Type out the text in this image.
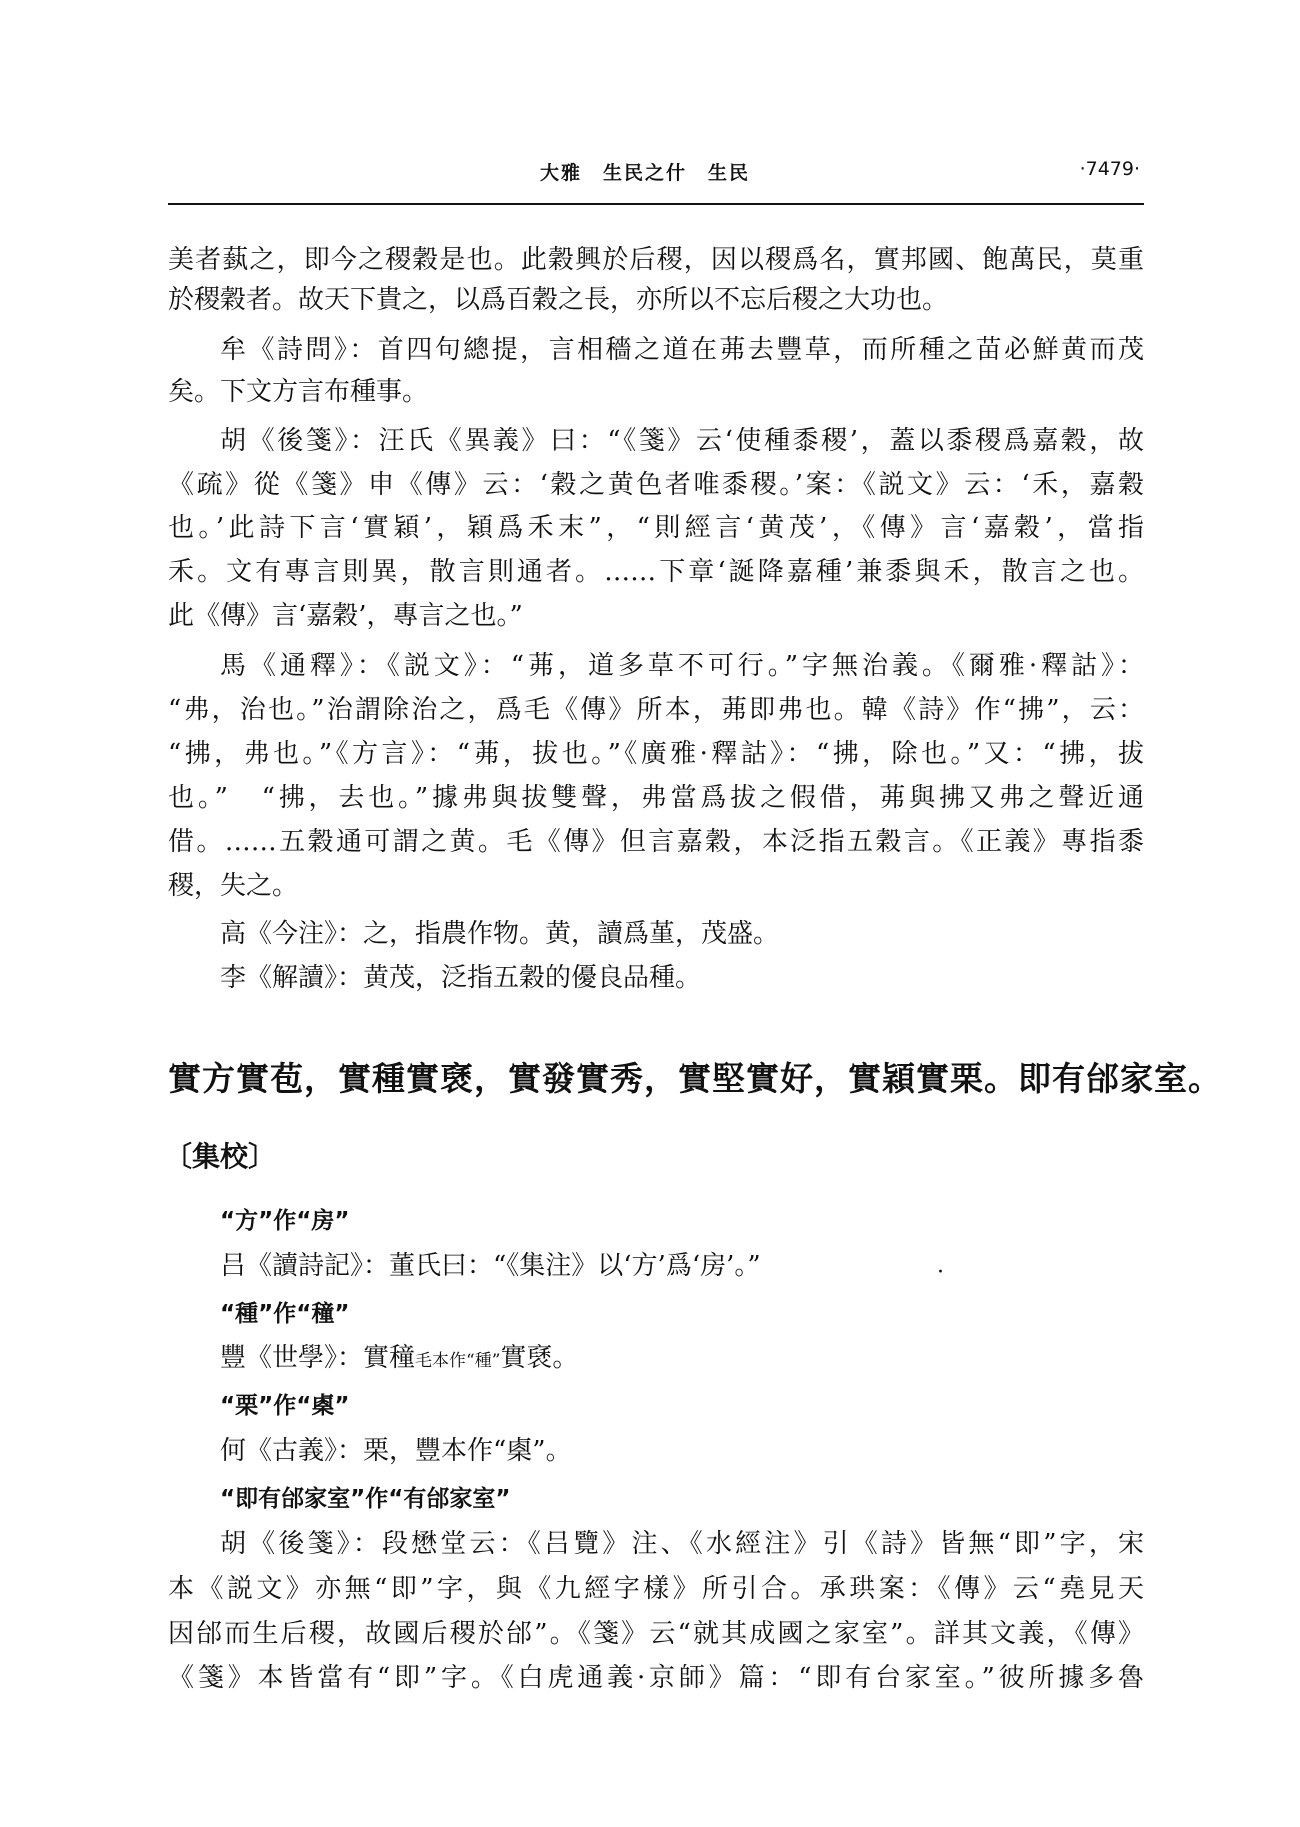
大雅　生民之什　生民	·7479·
美者蓺之，即今之稷穀是也。此穀興於后稷，因以稷爲名，實邦國、飽萬民，莫重
於稷穀者。故天下貴之，以爲百穀之長，亦所以不忘后稷之大功也。
牟《詩問》：首四句總提，言相穡之道在茀去豐草，而所種之苗必鮮黄而茂
矣。下文方言布種事。
胡《後箋》：汪氏《異義》曰：“《箋》云‘使種黍稷’，蓋以黍稷爲嘉穀，故
《疏》從《箋》申《傳》云：‘穀之黄色者唯黍稷。’案：《説文》云：‘禾，嘉穀
也。’此詩下言‘實穎’，穎爲禾末”，“則經言‘黄茂’，《傳》言‘嘉穀’，當指
禾。文有專言則異，散言則通者。……下章‘誕降嘉種’兼黍與禾，散言之也。
此《傳》言‘嘉穀’，專言之也。”
馬《通釋》：《説文》：“茀，道多草不可行。”字無治義。《爾雅·釋詁》：
“弗，治也。”治謂除治之，爲毛《傳》所本，茀即弗也。韓《詩》作“拂”，云：
“拂，弗也。”《方言》：“茀，拔也。”《廣雅·釋詁》：“拂，除也。”又：“拂，拔
也。”　“拂，去也。”據弗與拔雙聲，弗當爲拔之假借，茀與拂又弗之聲近通
借。……五穀通可謂之黄。毛《傳》但言嘉穀，本泛指五穀言。《正義》專指黍
稷，失之。
高《今注》：之，指農作物。黄，讀爲堇，茂盛。
李《解讀》：黄茂，泛指五穀的優良品種。
實方實苞，實種實褎，實發實秀，實堅實好，實穎實栗。即有邰家室。
〔集校〕
“方”作“房”
吕《讀詩記》：董氏曰：“《集注》以‘方’爲‘房’。”	·
“種”作“穜”
豐《世學》：實穜毛本作“種”實褎。
“栗”作“㮚”
何《古義》：栗，豐本作“㮚”。
“即有邰家室”作“有邰家室”
胡《後箋》：段懋堂云：《吕覽》注、《水經注》引《詩》皆無“即”字，宋
本《説文》亦無“即”字，與《九經字樣》所引合。承珙案：《傳》云“堯見天
因邰而生后稷，故國后稷於邰”。《箋》云“就其成國之家室”。詳其文義，《傳》
《箋》本皆當有“即”字。《白虎通義·京師》篇：“即有台家室。”彼所據多魯
